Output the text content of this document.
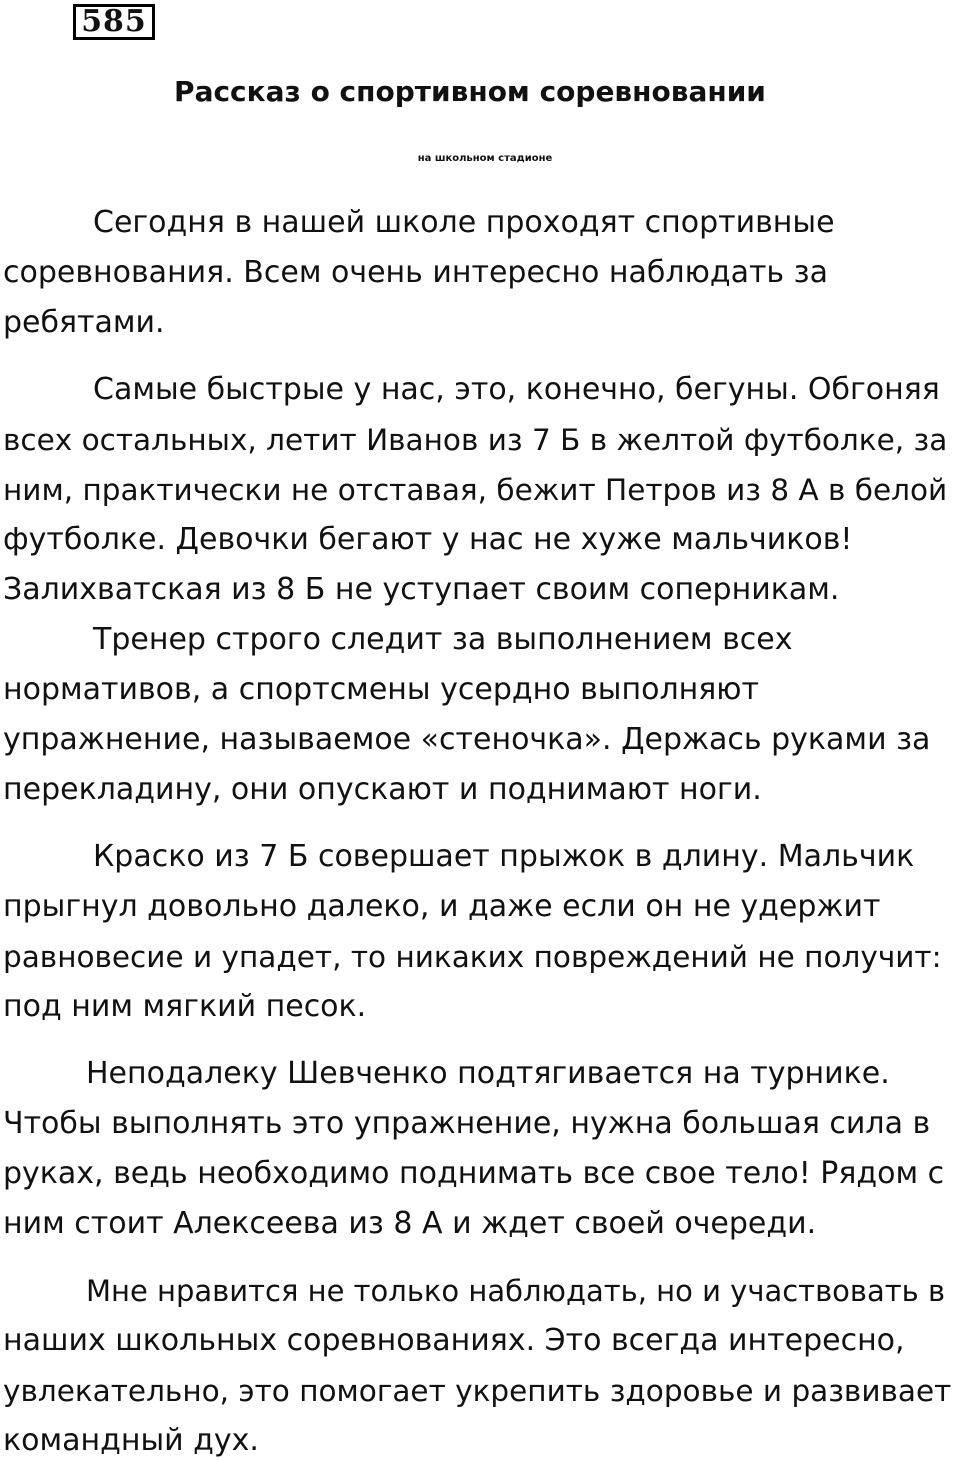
585
Рассказ о спортивном соревновании
на школьном стадионе
Сегодня в нашей школе проходят спортивные
соревнования. Всем очень интересно наблюдать за
ребятами.
Самые быстрые у нас, это, конечно, бегуны. Обгоняя
всех остальных, летит Иванов из 7 Б в желтой футболке, за
ним, практически не отставая, бежит Петров из 8 А в белой
футболке. Девочки бегают у нас не хуже мальчиков!
Залихватская из 8 Б не уступает своим соперникам.
Тренер строго следит за выполнением всех
нормативов, а спортсмены усердно выполняют
упражнение, называемое «стеночка». Держась руками за
перекладину, они опускают и поднимают ноги.
Краско из 7 Б совершает прыжок в длину. Мальчик
прыгнул довольно далеко, и даже если он не удержит
равновесие и упадет, то никаких повреждений не получит:
под ним мягкий песок.
Неподалеку Шевченко подтягивается на турнике.
Чтобы выполнять это упражнение, нужна большая сила в
руках, ведь необходимо поднимать все свое тело! Рядом с
ним стоит Алексеева из 8 А и ждет своей очереди.
Мне нравится не только наблюдать, но и участвовать в
наших школьных соревнованиях. Это всегда интересно,
увлекательно, это помогает укрепить здоровье и развивает
командный дух.
